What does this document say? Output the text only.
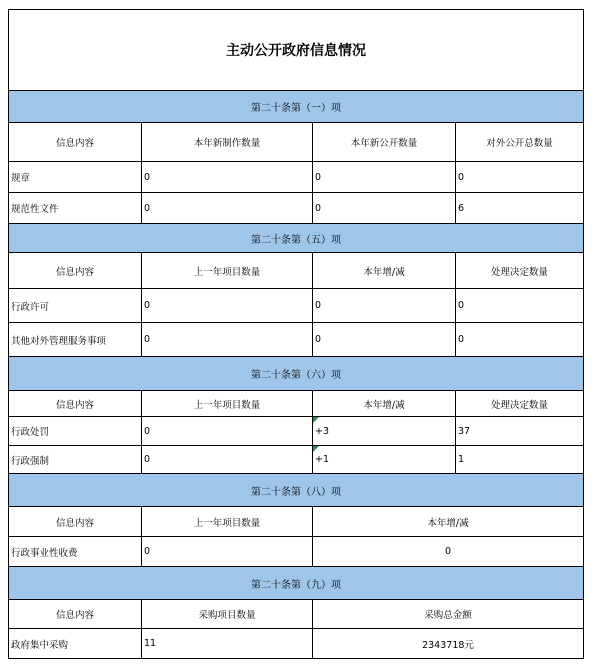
主动公开政府信息情况			
第二十条第（一）项			
信息内容	本年新制作数量	本年新公开数量	对外公开总数量
规章	0	0	0
规范性文件	0	0	6
第二十条第（五）项			
信息内容	上一年项目数量	本年增/减	处理决定数量
行政许可	0	0	0
其他对外管理服务事项	0	0	0
第二十条第（六）项			
信息内容	上一年项目数量	本年增/减	处理决定数量
行政处罚	0	+3	37
行政强制	0	+1	1
第二十条第（八）项			
信息内容	上一年项目数量	本年增/减	
行政事业性收费	0	0	
第二十条第（九）项			
信息内容	采购项目数量	采购总金额	
政府集中采购	11	2343718元	
